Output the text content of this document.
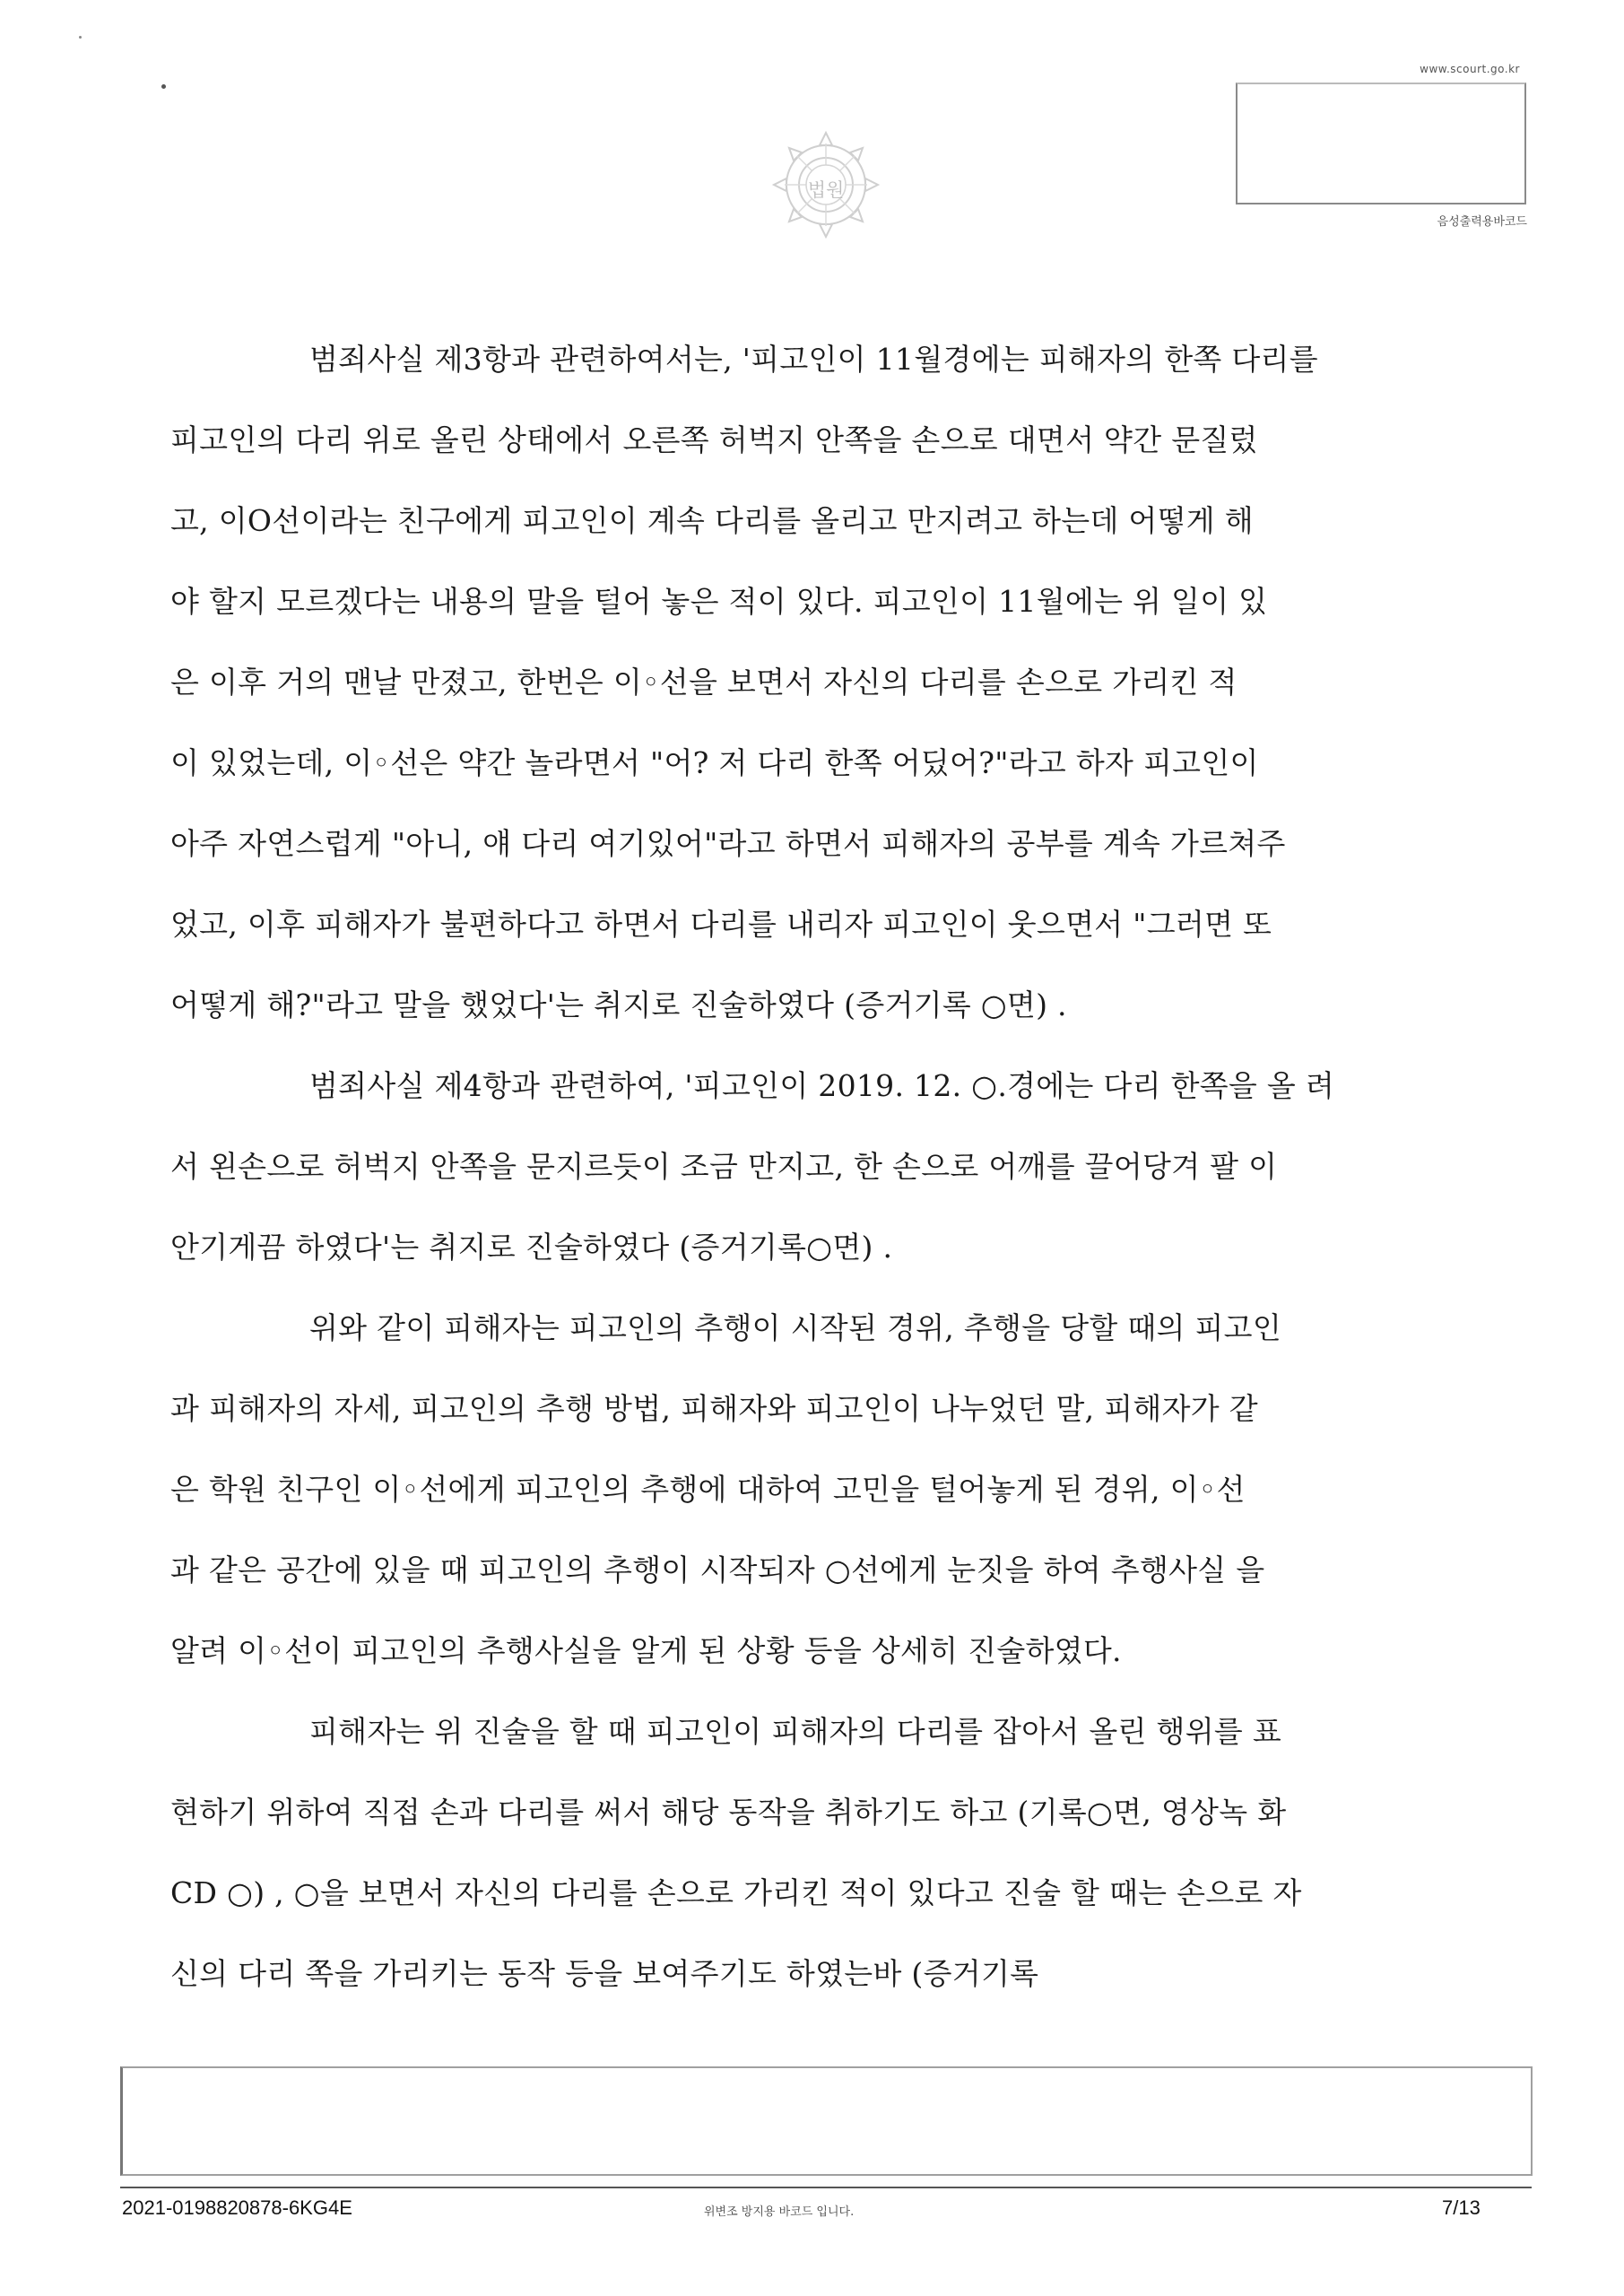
법원
www.scourt.go.kr
음성출력용바코드
범죄사실 제3항과 관련하여서는, '피고인이 11월경에는 피해자의 한쪽 다리를
피고인의 다리 위로 올린 상태에서 오른쪽 허벅지 안쪽을 손으로 대면서 약간 문질렀
고, 이O선이라는 친구에게 피고인이 계속 다리를 올리고 만지려고 하는데 어떻게 해
야 할지 모르겠다는 내용의 말을 털어 놓은 적이 있다. 피고인이 11월에는 위 일이 있
은 이후 거의 맨날 만졌고, 한번은 이◦선을 보면서 자신의 다리를 손으로 가리킨 적
이 있었는데, 이◦선은 약간 놀라면서 "어? 저 다리 한쪽 어딨어?"라고 하자 피고인이
아주 자연스럽게 "아니, 얘 다리 여기있어"라고 하면서 피해자의 공부를 계속 가르쳐주
었고, 이후 피해자가 불편하다고 하면서 다리를 내리자 피고인이 웃으면서 "그러면 또
어떻게 해?"라고 말을 했었다'는 취지로 진술하였다 (증거기록 ○면) .
범죄사실 제4항과 관련하여, '피고인이 2019. 12. ○.경에는 다리 한쪽을 올 려
서 왼손으로 허벅지 안쪽을 문지르듯이 조금 만지고, 한 손으로 어깨를 끌어당겨 팔 이
안기게끔 하였다'는 취지로 진술하였다 (증거기록○면) .
위와 같이 피해자는 피고인의 추행이 시작된 경위, 추행을 당할 때의 피고인
과 피해자의 자세, 피고인의 추행 방법, 피해자와 피고인이 나누었던 말, 피해자가 같
은 학원 친구인 이◦선에게 피고인의 추행에 대하여 고민을 털어놓게 된 경위, 이◦선
과 같은 공간에 있을 때 피고인의 추행이 시작되자 ○선에게 눈짓을 하여 추행사실 을
알려 이◦선이 피고인의 추행사실을 알게 된 상황 등을 상세히 진술하였다.
피해자는 위 진술을 할 때 피고인이 피해자의 다리를 잡아서 올린 행위를 표
현하기 위하여 직접 손과 다리를 써서 해당 동작을 취하기도 하고 (기록○면, 영상녹 화
CD ○) , ○을 보면서 자신의 다리를 손으로 가리킨 적이 있다고 진술 할 때는 손으로 자
신의 다리 쪽을 가리키는 동작 등을 보여주기도 하였는바 (증거기록
2021-0198820878-6KG4E	위변조 방지용 바코드 입니다.	7/13
